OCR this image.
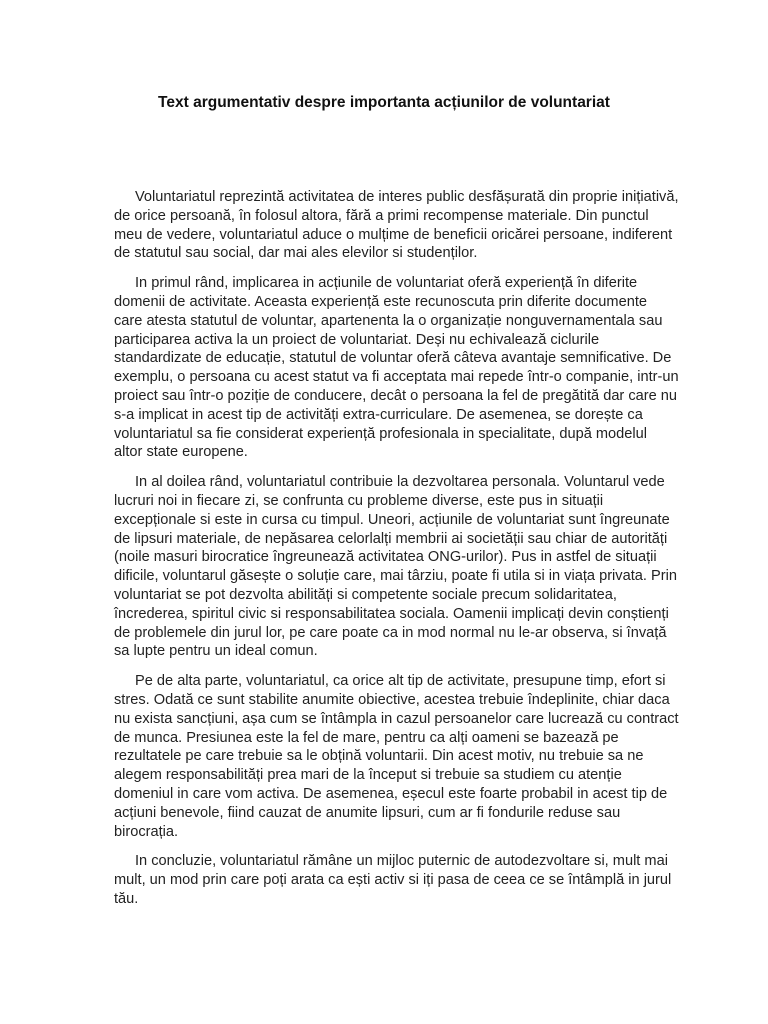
Text argumentativ despre importanta acțiunilor de voluntariat

Voluntariatul reprezintă activitatea de interes public desfășurată din proprie inițiativă, de orice persoană, în folosul altora, fără a primi recompense materiale. Din punctul meu de vedere, voluntariatul aduce o mulțime de beneficii oricărei persoane, indiferent de statutul sau social, dar mai ales elevilor si studenților.

In primul rând, implicarea in acțiunile de voluntariat oferă experiență în diferite domenii de activitate. Aceasta experiență este recunoscuta prin diferite documente care atesta statutul de voluntar, apartenenta la o organizație nonguvernamentala sau participarea activa la un proiect de voluntariat. Deși nu echivalează ciclurile standardizate de educație, statutul de voluntar oferă câteva avantaje semnificative. De exemplu, o persoana cu acest statut va fi acceptata mai repede într-o companie, intr-un proiect sau într-o poziție de conducere, decât o persoana la fel de pregătită dar care nu s-a implicat in acest tip de activități extra-curriculare. De asemenea, se dorește ca voluntariatul sa fie considerat experiență profesionala in specialitate, după modelul altor state europene.

In al doilea rând, voluntariatul contribuie la dezvoltarea personala. Voluntarul vede lucruri noi in fiecare zi, se confrunta cu probleme diverse, este pus in situații excepționale si este in cursa cu timpul. Uneori, acțiunile de voluntariat sunt îngreunate de lipsuri materiale, de nepăsarea celorlalți membrii ai societății sau chiar de autorități (noile masuri birocratice îngreunează activitatea ONG-urilor). Pus in astfel de situații dificile, voluntarul găsește o soluție care, mai târziu, poate fi utila si in viața privata. Prin voluntariat se pot dezvolta abilități si competente sociale precum solidaritatea, încrederea, spiritul civic si responsabilitatea sociala. Oamenii implicați devin conștienți de problemele din jurul lor, pe care poate ca in mod normal nu le-ar observa, si învață sa lupte pentru un ideal comun.

Pe de alta parte, voluntariatul, ca orice alt tip de activitate, presupune timp, efort si stres. Odată ce sunt stabilite anumite obiective, acestea trebuie îndeplinite, chiar daca nu exista sancțiuni, așa cum se întâmpla in cazul persoanelor care lucrează cu contract de munca. Presiunea este la fel de mare, pentru ca alți oameni se bazează pe rezultatele pe care trebuie sa le obțină voluntarii. Din acest motiv, nu trebuie sa ne alegem responsabilități prea mari de la început si trebuie sa studiem cu atenție domeniul in care vom activa. De asemenea, eșecul este foarte probabil in acest tip de acțiuni benevole, fiind cauzat de anumite lipsuri, cum ar fi fondurile reduse sau birocrația.

In concluzie, voluntariatul rămâne un mijloc puternic de autodezvoltare si, mult mai mult, un mod prin care poți arata ca ești activ si iți pasa de ceea ce se întâmplă in jurul tău.
